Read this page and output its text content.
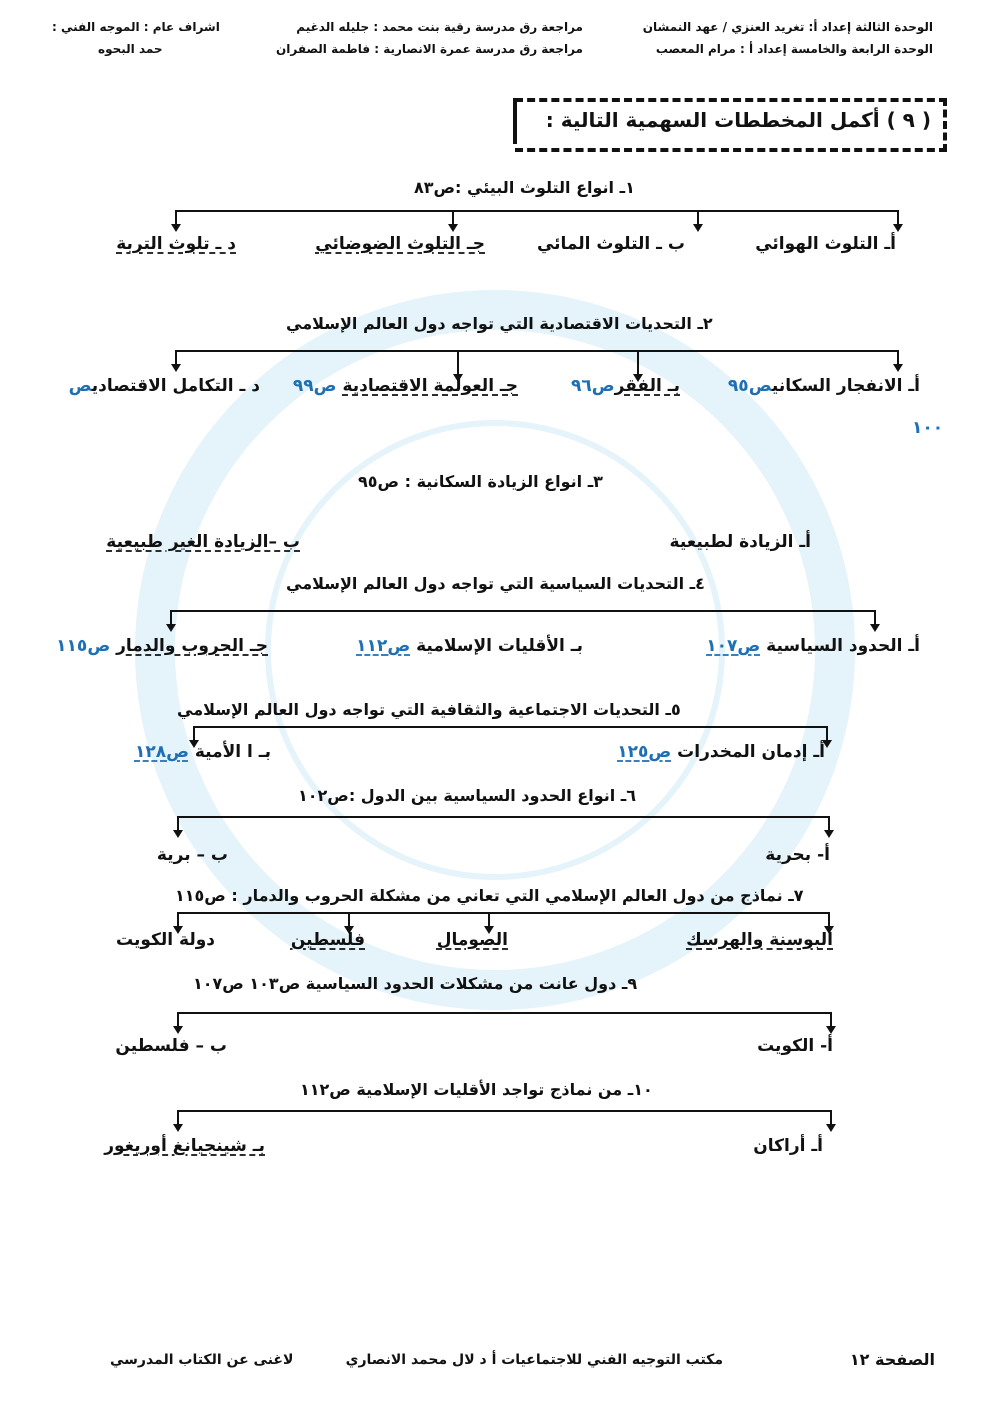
الوحدة الثالثة إعداد أ: تغريد العنزي / عهد النمشان
مراجعة رق مدرسة رقية بنت محمد : جليله الدغيم
اشراف عام : الموجه الفني :
الوحدة الرابعة والخامسة إعداد أ : مرام المعصب
مراجعة رق مدرسة عمرة الانصارية : فاطمة الصفران
حمد البحوه
( ٩ ) أكمل المخططات السهمية التالية :
١ـ انواع التلوث البيئي :ص٨٣
أـ التلوث الهوائي
ب ـ التلوث المائي
جـ التلوث الضوضائي
د ـ تلوث التربة
٢ـ التحديات الاقتصادية التي تواجه دول العالم الإسلامي
أـ الانفجار السكانيص٩٥
بـ الفقرص٩٦
جـ العولمة الاقتصادية ص٩٩
د ـ التكامل الاقتصاديص
١٠٠
٣ـ انواع الزيادة السكانية : ص٩٥
أـ الزيادة لطبيعية
ب –الزيادة الغير طبيعية
٤ـ التحديات السياسية التي تواجه دول العالم الإسلامي
أـ الحدود السياسية ص١٠٧
بـ الأقليات الإسلامية ص١١٢
جـ الحروب والدمار ص١١٥
٥ـ التحديات الاجتماعية والثقافية التي تواجه دول العالم الإسلامي
أـ إدمان المخدرات ص١٢٥
بـ ا الأمية ص١٢٨
٦ـ انواع الحدود السياسية بين الدول :ص١٠٢
أ- بحرية
ب – برية
٧ـ نماذج من دول العالم الإسلامي التي تعاني من مشكلة الحروب والدمار : ص١١٥
البوسنة والهرسك
الصومال
فلسطين
دولة الكويت
٩ـ دول عانت من مشكلات الحدود السياسية ص١٠٣ ص١٠٧
أ- الكويت
ب – فلسطين
١٠ـ من نماذج تواجد الأقليات الإسلامية ص١١٢
أـ أراكان
بـ شينجيانغ أوريغور
الصفحة ١٢
مكتب التوجيه الفني للاجتماعيات أ د لال محمد الانصاري
لاغنى عن الكتاب المدرسي
